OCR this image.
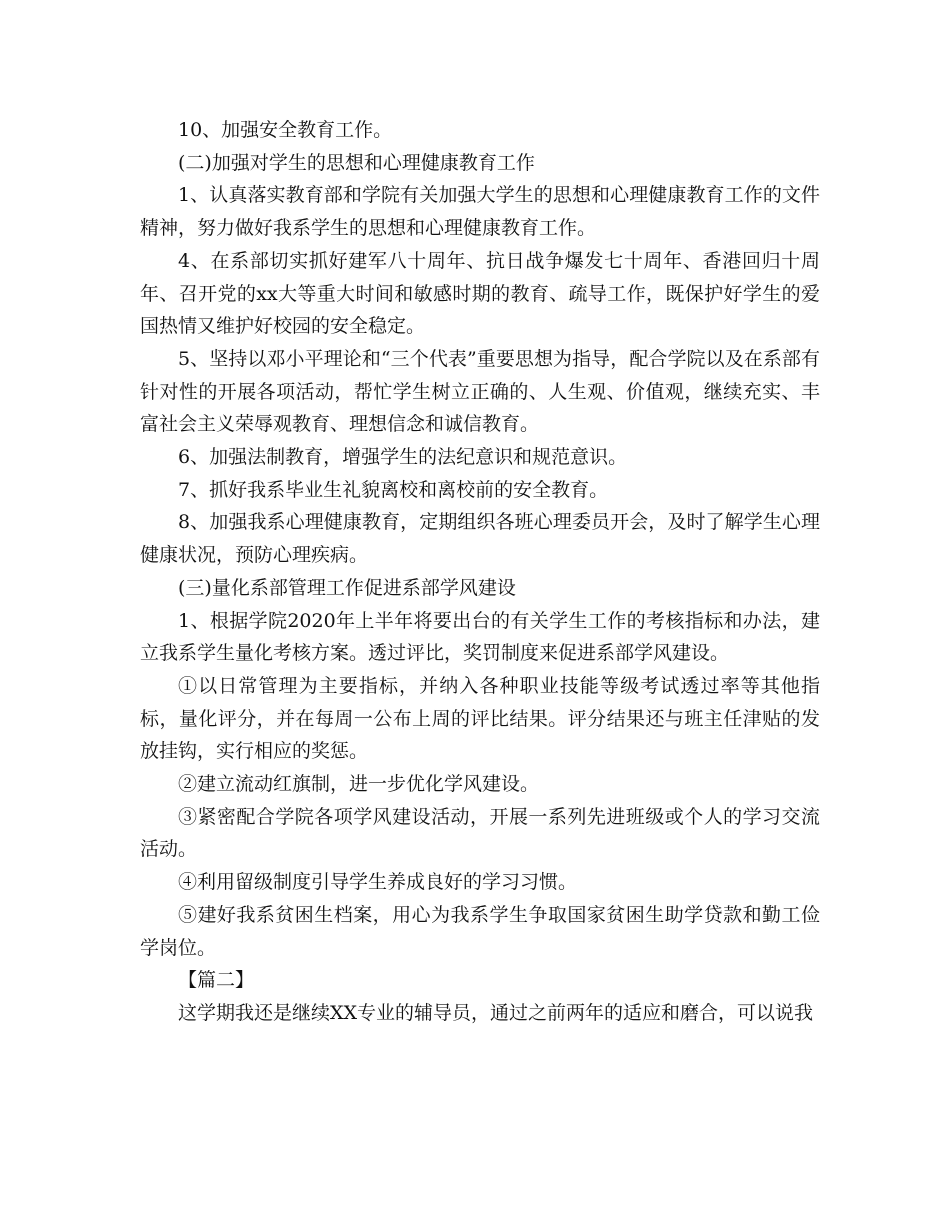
10、加强安全教育工作。

(二)加强对学生的思想和心理健康教育工作

1、认真落实教育部和学院有关加强大学生的思想和心理健康教育工作的文件精神，努力做好我系学生的思想和心理健康教育工作。

4、在系部切实抓好建军八十周年、抗日战争爆发七十周年、香港回归十周年、召开党的xx大等重大时间和敏感时期的教育、疏导工作，既保护好学生的爱国热情又维护好校园的安全稳定。

5、坚持以邓小平理论和“三个代表”重要思想为指导，配合学院以及在系部有针对性的开展各项活动，帮忙学生树立正确的、人生观、价值观，继续充实、丰富社会主义荣辱观教育、理想信念和诚信教育。

6、加强法制教育，增强学生的法纪意识和规范意识。

7、抓好我系毕业生礼貌离校和离校前的安全教育。

8、加强我系心理健康教育，定期组织各班心理委员开会，及时了解学生心理健康状况，预防心理疾病。

(三)量化系部管理工作促进系部学风建设

1、根据学院2020年上半年将要出台的有关学生工作的考核指标和办法，建立我系学生量化考核方案。透过评比，奖罚制度来促进系部学风建设。

①以日常管理为主要指标，并纳入各种职业技能等级考试透过率等其他指标，量化评分，并在每周一公布上周的评比结果。评分结果还与班主任津贴的发放挂钩，实行相应的奖惩。

②建立流动红旗制，进一步优化学风建设。

③紧密配合学院各项学风建设活动，开展一系列先进班级或个人的学习交流活动。

④利用留级制度引导学生养成良好的学习习惯。

⑤建好我系贫困生档案，用心为我系学生争取国家贫困生助学贷款和勤工俭学岗位。

【篇二】

这学期我还是继续XX专业的辅导员，通过之前两年的适应和磨合，可以说我
